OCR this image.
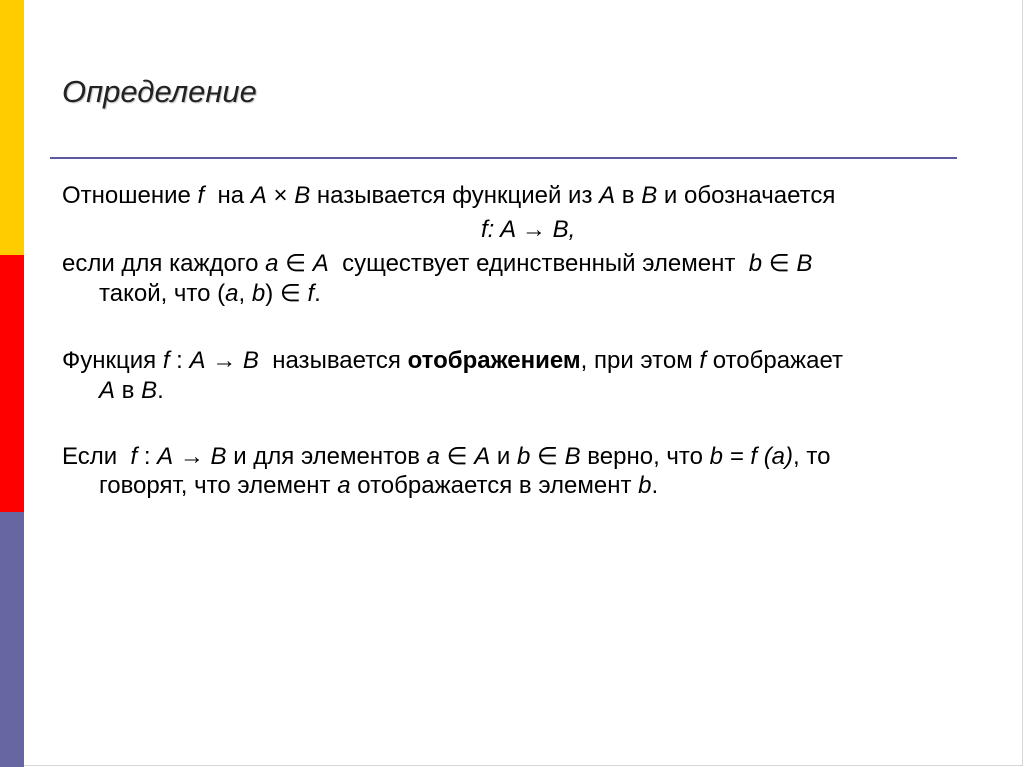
Определение
Отношение f  на A × B называется функцией из A в B и обозначается
f: A → B,
если для каждого a ∈ A  существует единственный элемент  b ∈ B
такой, что (a, b) ∈ f.
Функция f : A → B  называется отображением, при этом f отображает
A в B.
Если  f : A → B и для элементов a ∈ A и b ∈ B верно, что b = f (a), то
говорят, что элемент a отображается в элемент b.
